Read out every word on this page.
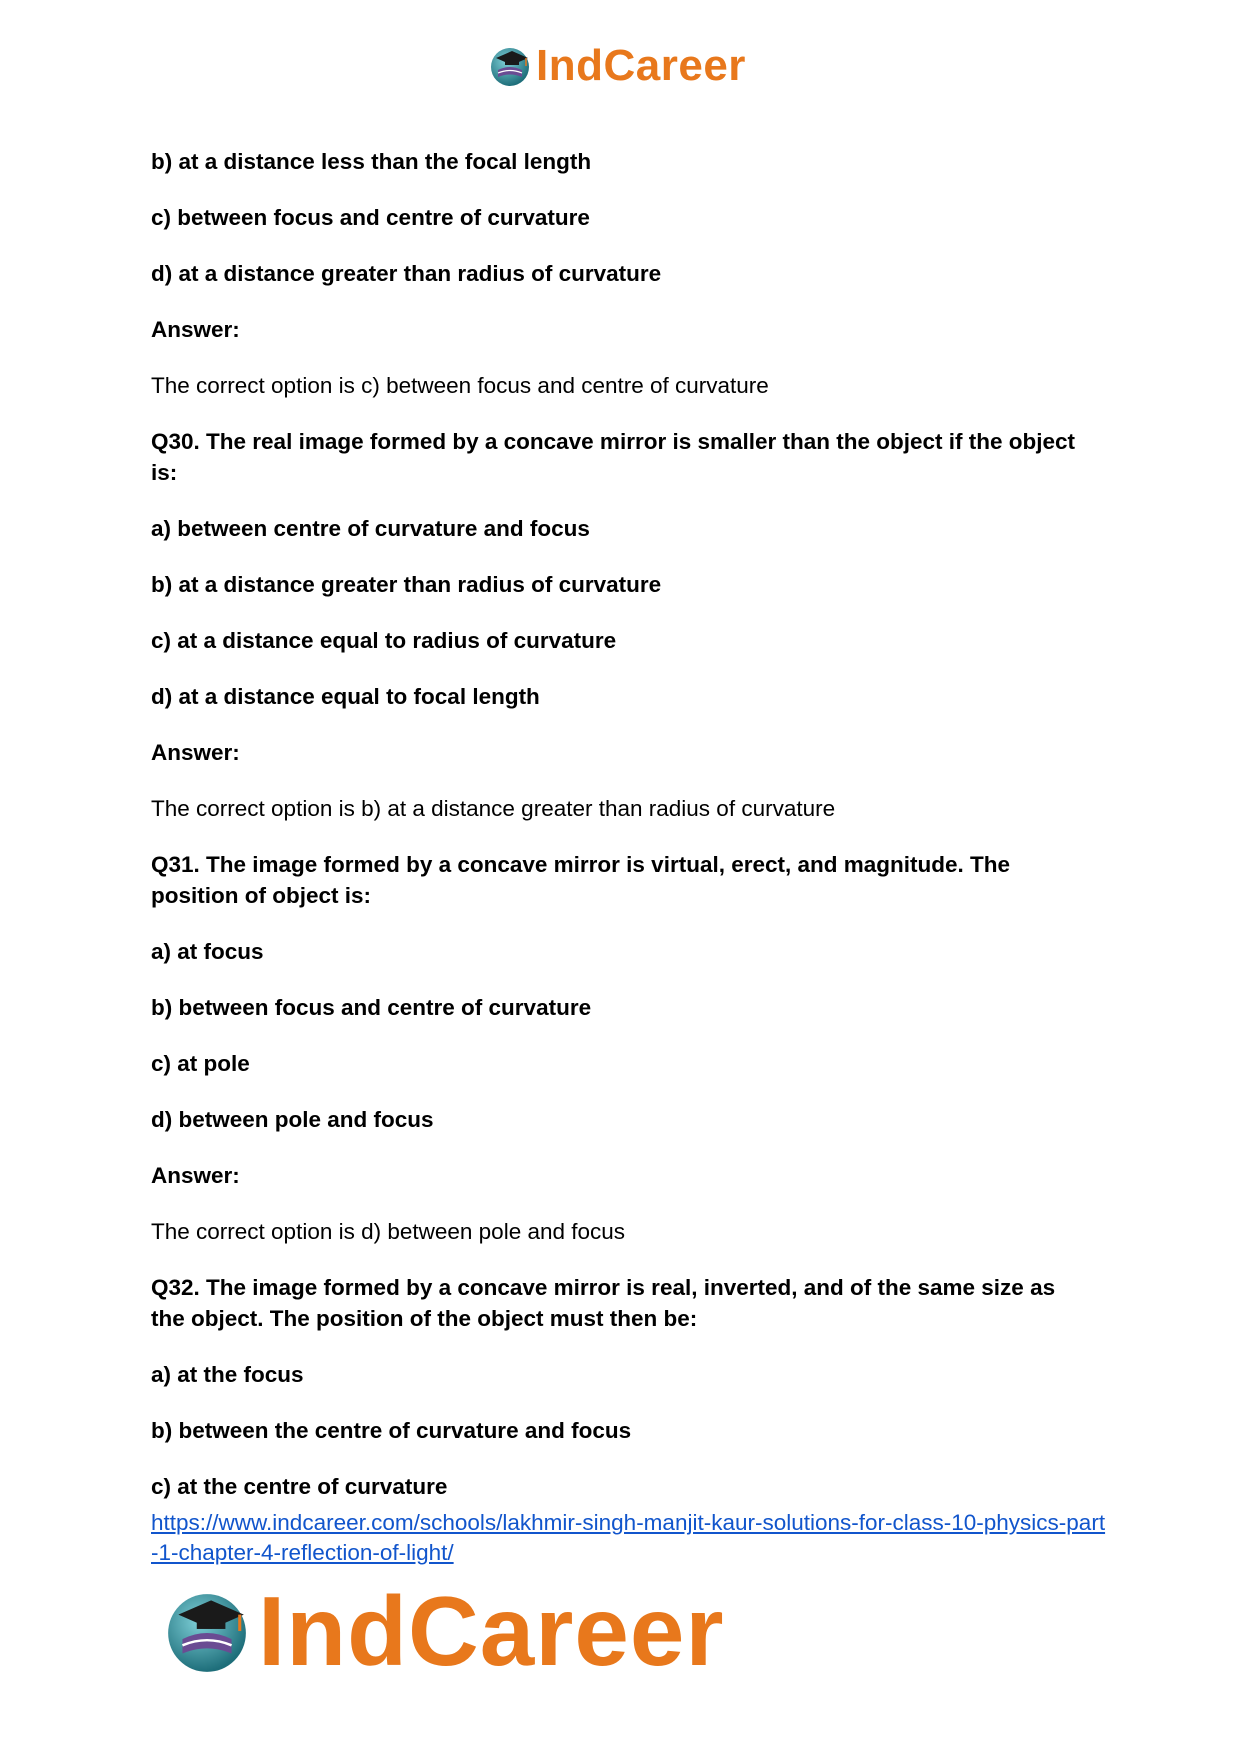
IndCareer

b) at a distance less than the focal length

c) between focus and centre of curvature

d) at a distance greater than radius of curvature

Answer:

The correct option is c) between focus and centre of curvature

Q30. The real image formed by a concave mirror is smaller than the object if the object is:

a) between centre of curvature and focus

b) at a distance greater than radius of curvature

c) at a distance equal to radius of curvature

d) at a distance equal to focal length

Answer:

The correct option is b) at a distance greater than radius of curvature

Q31. The image formed by a concave mirror is virtual, erect, and magnitude. The position of object is:

a) at focus

b) between focus and centre of curvature

c) at pole

d) between pole and focus

Answer:

The correct option is d) between pole and focus

Q32. The image formed by a concave mirror is real, inverted, and of the same size as the object. The position of the object must then be:

a) at the focus

b) between the centre of curvature and focus

c) at the centre of curvature

https://www.indcareer.com/schools/lakhmir-singh-manjit-kaur-solutions-for-class-10-physics-part-1-chapter-4-reflection-of-light/
IndCareer
